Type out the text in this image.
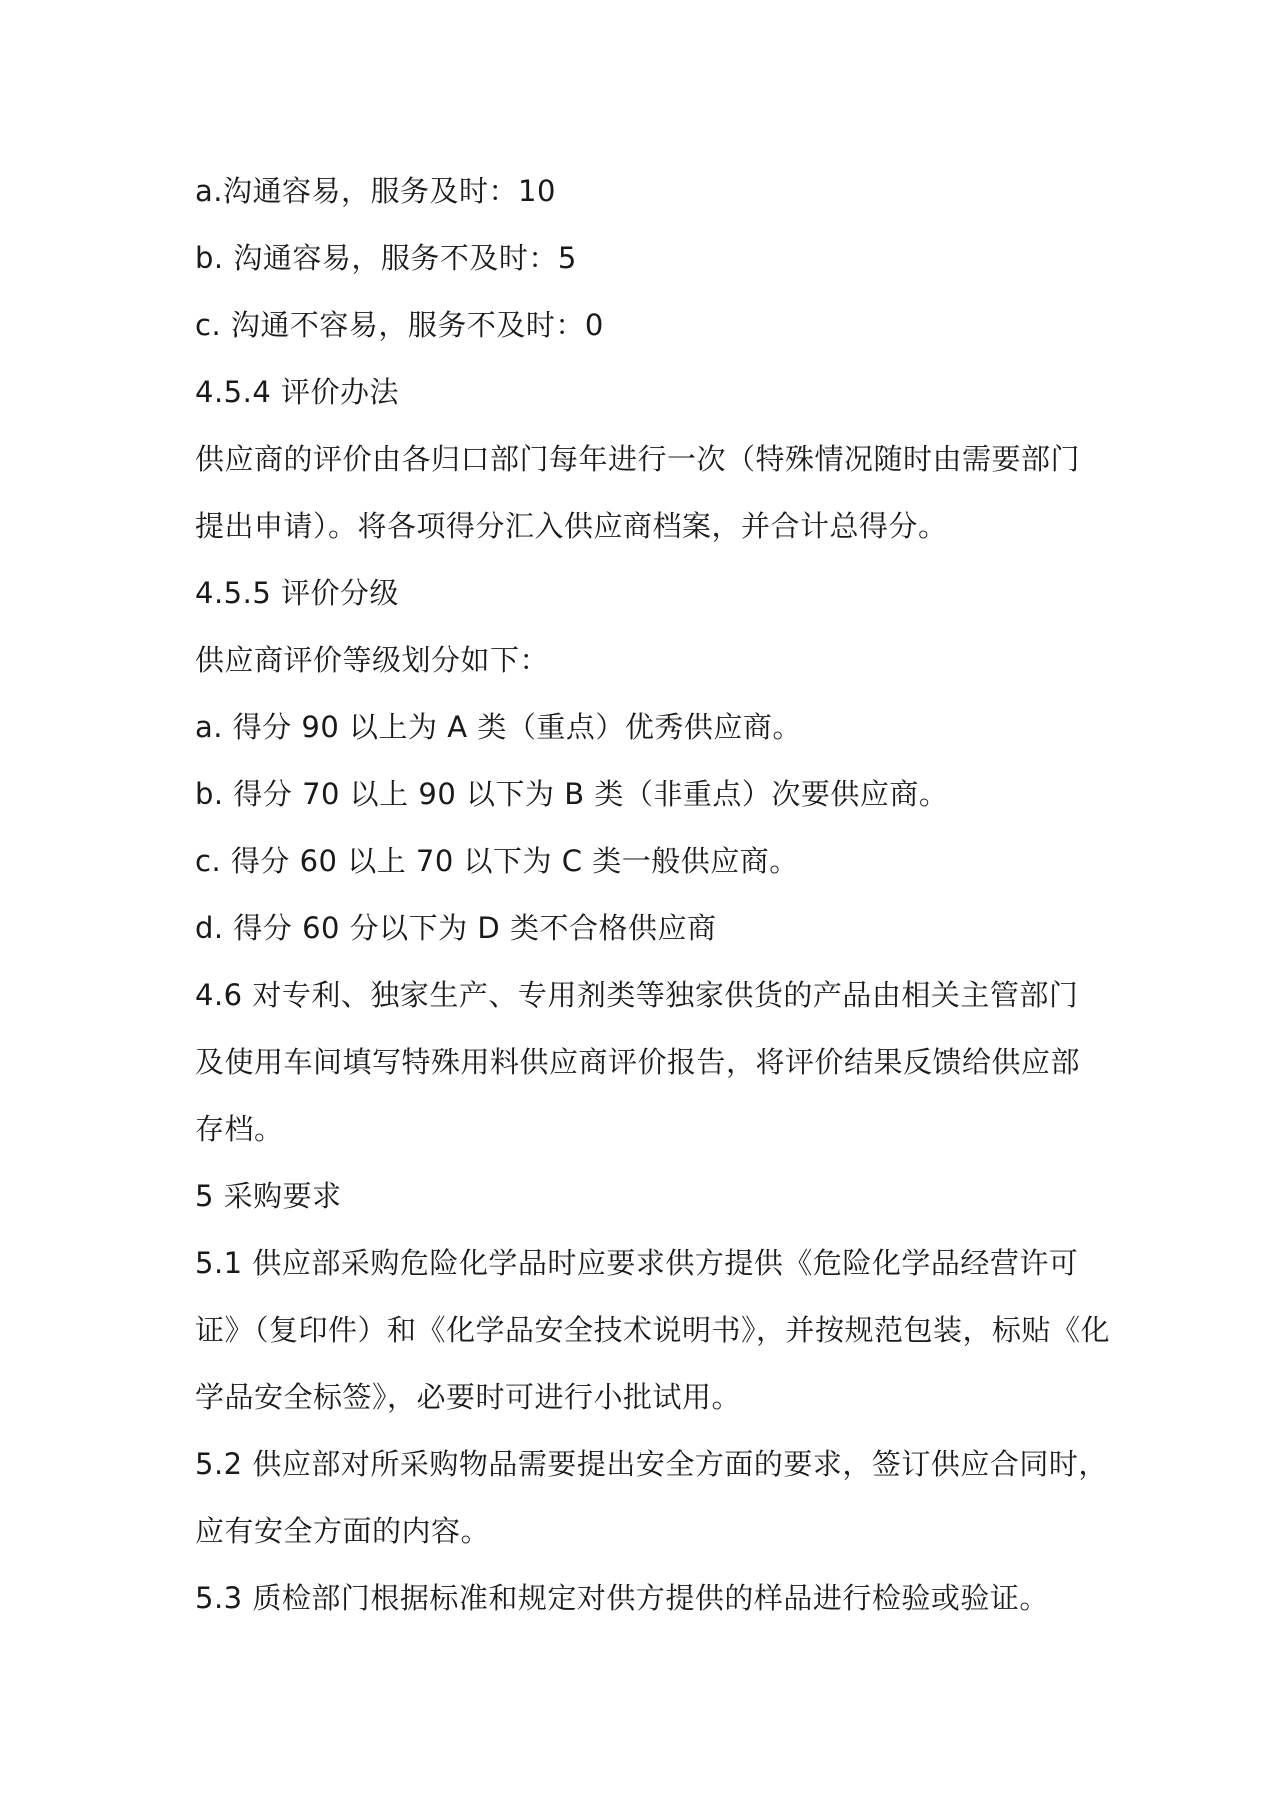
a.沟通容易，服务及时：10

b. 沟通容易，服务不及时：5

c. 沟通不容易，服务不及时：0

4.5.4 评价办法

供应商的评价由各归口部门每年进行一次（特殊情况随时由需要部门

提出申请）。将各项得分汇入供应商档案，并合计总得分。

4.5.5 评价分级

供应商评价等级划分如下：

a. 得分 90 以上为 A 类（重点）优秀供应商。

b. 得分 70 以上 90 以下为 B 类（非重点）次要供应商。

c. 得分 60 以上 70 以下为 C 类一般供应商。

d. 得分 60 分以下为 D 类不合格供应商

4.6 对专利、独家生产、专用剂类等独家供货的产品由相关主管部门

及使用车间填写特殊用料供应商评价报告，将评价结果反馈给供应部

存档。

5 采购要求

5.1 供应部采购危险化学品时应要求供方提供《危险化学品经营许可

证》（复印件）和《化学品安全技术说明书》，并按规范包装，标贴《化

学品安全标签》，必要时可进行小批试用。

5.2 供应部对所采购物品需要提出安全方面的要求，签订供应合同时，

应有安全方面的内容。

5.3 质检部门根据标准和规定对供方提供的样品进行检验或验证。
